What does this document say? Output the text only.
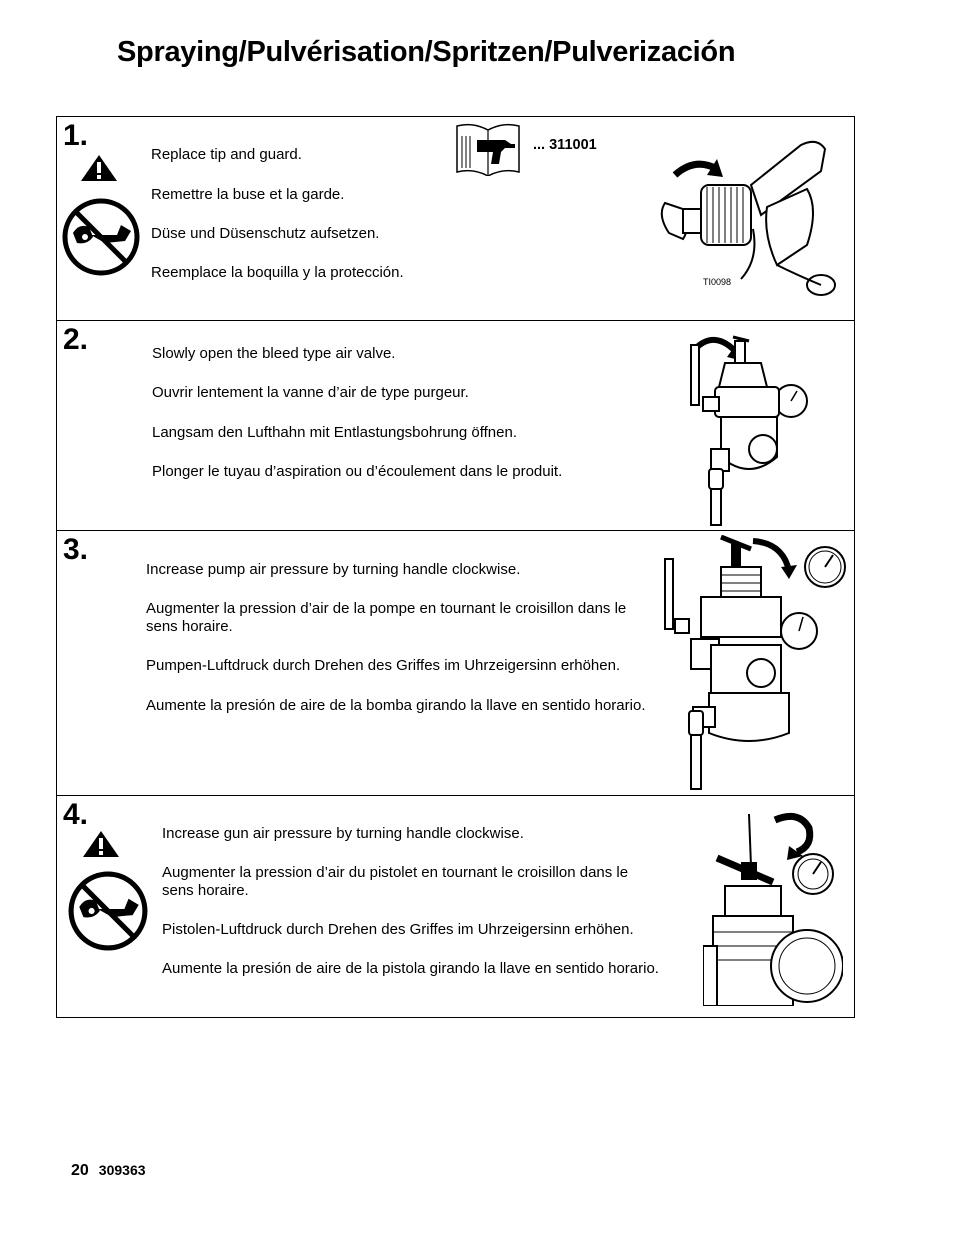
Spraying/Pulvérisation/Spritzen/Pulverización
1.

Replace tip and guard.

Remettre la buse et la garde.

Düse und Düsenschutz aufsetzen.

Reemplace la boquilla y la protección.

... 311001
TI0098
2.	Slowly open the bleed type air valve.

Ouvrir lentement la vanne d’air de type purgeur.

Langsam den Lufthahn mit Entlastungsbohrung öffnen.

Plonger le tuyau d’aspiration ou d’écoulement dans le produit.

3.

Increase pump air pressure by turning handle clockwise.

Augmenter la pression d’air de la pompe en tournant le croisillon dans le sens horaire.

Pumpen-Luftdruck durch Drehen des Griffes im Uhrzeigersinn erhöhen.

Aumente la presión de aire de la bomba girando la llave en sentido horario.

4.

Increase gun air pressure by turning handle clockwise.

Augmenter la pression d’air du pistolet en tournant le croisillon dans le sens horaire.

Pistolen-Luftdruck durch Drehen des Griffes im Uhrzeigersinn erhöhen.

Aumente la presión de aire de la pistola girando la llave en sentido horario.

20 309363
